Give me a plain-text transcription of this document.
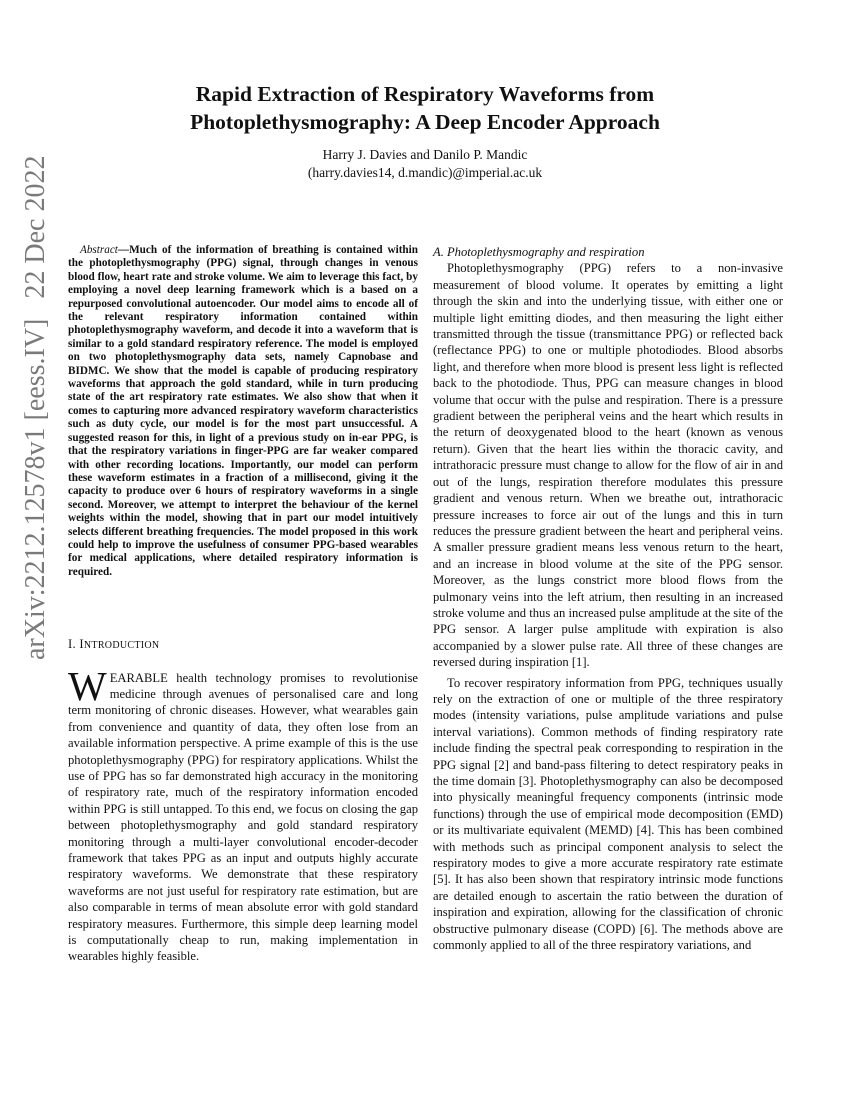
arXiv:2212.12578v1 [eess.IV]22 Dec 2022
Rapid Extraction of Respiratory Waveforms from
Photoplethysmography: A Deep Encoder Approach
Harry J. Davies and Danilo P. Mandic
(harry.davies14, d.mandic)@imperial.ac.uk

Abstract—Much of the information of breathing is contained within the photoplethysmography (PPG) signal, through changes in venous blood flow, heart rate and stroke volume. We aim to leverage this fact, by employing a novel deep learning framework which is a based on a repurposed convolutional autoencoder. Our model aims to encode all of the relevant respiratory information contained within photoplethysmography waveform, and decode it into a waveform that is similar to a gold standard respiratory reference. The model is employed on two photoplethysmography data sets, namely Capnobase and BIDMC. We show that the model is capable of producing respiratory waveforms that approach the gold standard, while in turn producing state of the art respiratory rate estimates. We also show that when it comes to capturing more advanced respiratory waveform characteristics such as duty cycle, our model is for the most part unsuccessful. A suggested reason for this, in light of a previous study on in-ear PPG, is that the respiratory variations in finger-PPG are far weaker compared with other recording locations. Importantly, our model can perform these waveform estimates in a fraction of a millisecond, giving it the capacity to produce over 6 hours of respiratory waveforms in a single second. Moreover, we attempt to interpret the behaviour of the kernel weights within the model, showing that in part our model intuitively selects different breathing frequencies. The model proposed in this work could help to improve the usefulness of consumer PPG-based wearables for medical applications, where detailed respiratory information is required.

I. INTRODUCTION

WEARABLE health technology promises to revolutionise medicine through avenues of personalised care and long term monitoring of chronic diseases. However, what wearables gain from convenience and quantity of data, they often lose from an available information perspective. A prime example of this is the use photoplethysmography (PPG) for respiratory applications. Whilst the use of PPG has so far demonstrated high accuracy in the monitoring of respiratory rate, much of the respiratory information encoded within PPG is still untapped. To this end, we focus on closing the gap between photoplethysmography and gold standard respiratory monitoring through a multi-layer convolutional encoder-decoder framework that takes PPG as an input and outputs highly accurate respiratory waveforms. We demonstrate that these respiratory waveforms are not just useful for respiratory rate estimation, but are also comparable in terms of mean absolute error with gold standard respiratory measures. Furthermore, this simple deep learning model is computationally cheap to run, making implementation in wearables highly feasible.

A. Photoplethysmography and respiration

Photoplethysmography (PPG) refers to a non-invasive measurement of blood volume. It operates by emitting a light through the skin and into the underlying tissue, with either one or multiple light emitting diodes, and then measuring the light either transmitted through the tissue (transmittance PPG) or reflected back (reflectance PPG) to one or multiple photodiodes. Blood absorbs light, and therefore when more blood is present less light is reflected back to the photodiode. Thus, PPG can measure changes in blood volume that occur with the pulse and respiration. There is a pressure gradient between the peripheral veins and the heart which results in the return of deoxygenated blood to the heart (known as venous return). Given that the heart lies within the thoracic cavity, and intrathoracic pressure must change to allow for the flow of air in and out of the lungs, respiration therefore modulates this pressure gradient and venous return. When we breathe out, intrathoracic pressure increases to force air out of the lungs and this in turn reduces the pressure gradient between the heart and peripheral veins. A smaller pressure gradient means less venous return to the heart, and an increase in blood volume at the site of the PPG sensor. Moreover, as the lungs constrict more blood flows from the pulmonary veins into the left atrium, then resulting in an increased stroke volume and thus an increased pulse amplitude at the site of the PPG sensor. A larger pulse amplitude with expiration is also accompanied by a slower pulse rate. All three of these changes are reversed during inspiration [1].

To recover respiratory information from PPG, techniques usually rely on the extraction of one or multiple of the three respiratory modes (intensity variations, pulse amplitude variations and pulse interval variations). Common methods of finding respiratory rate include finding the spectral peak corresponding to respiration in the PPG signal [2] and band-pass filtering to detect respiratory peaks in the time domain [3]. Photoplethysmography can also be decomposed into physically meaningful frequency components (intrinsic mode functions) through the use of empirical mode decomposition (EMD) or its multivariate equivalent (MEMD) [4]. This has been combined with methods such as principal component analysis to select the respiratory modes to give a more accurate respiratory rate estimate [5]. It has also been shown that respiratory intrinsic mode functions are detailed enough to ascertain the ratio between the duration of inspiration and expiration, allowing for the classification of chronic obstructive pulmonary disease (COPD) [6]. The methods above are commonly applied to all of the three respiratory variations, and
